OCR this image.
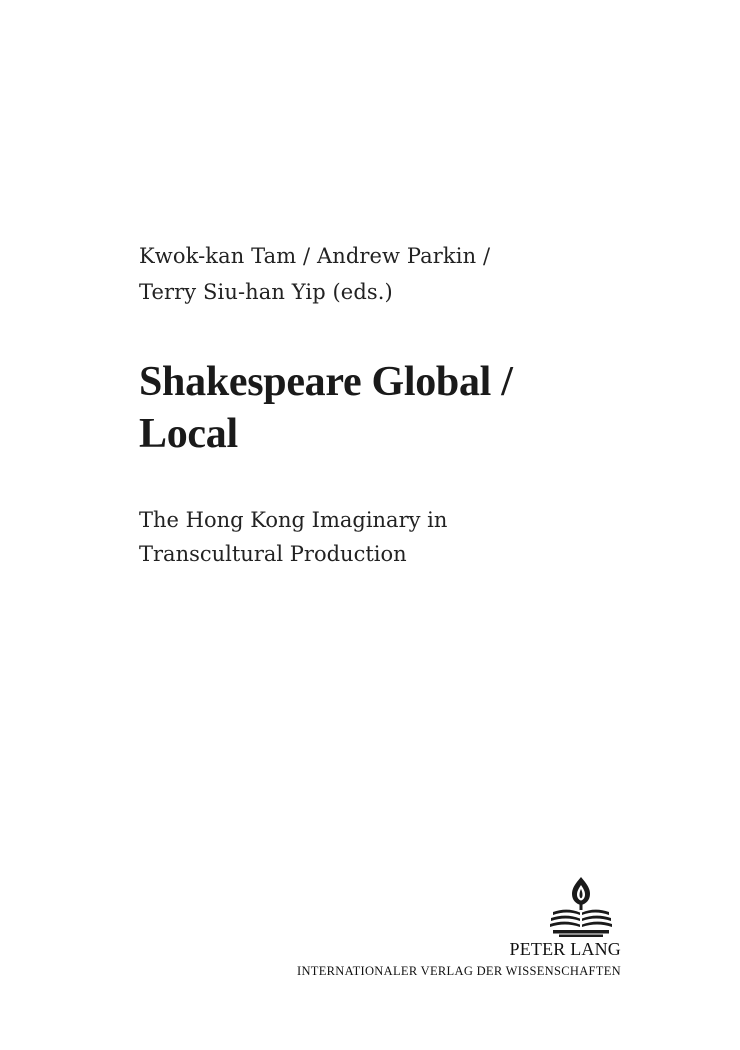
Kwok-kan Tam / Andrew Parkin /
Terry Siu-han Yip (eds.)
Shakespeare Global /
Local
The Hong Kong Imaginary in
Transcultural Production
PETER LANG
INTERNATIONALER VERLAG DER WISSENSCHAFTEN
